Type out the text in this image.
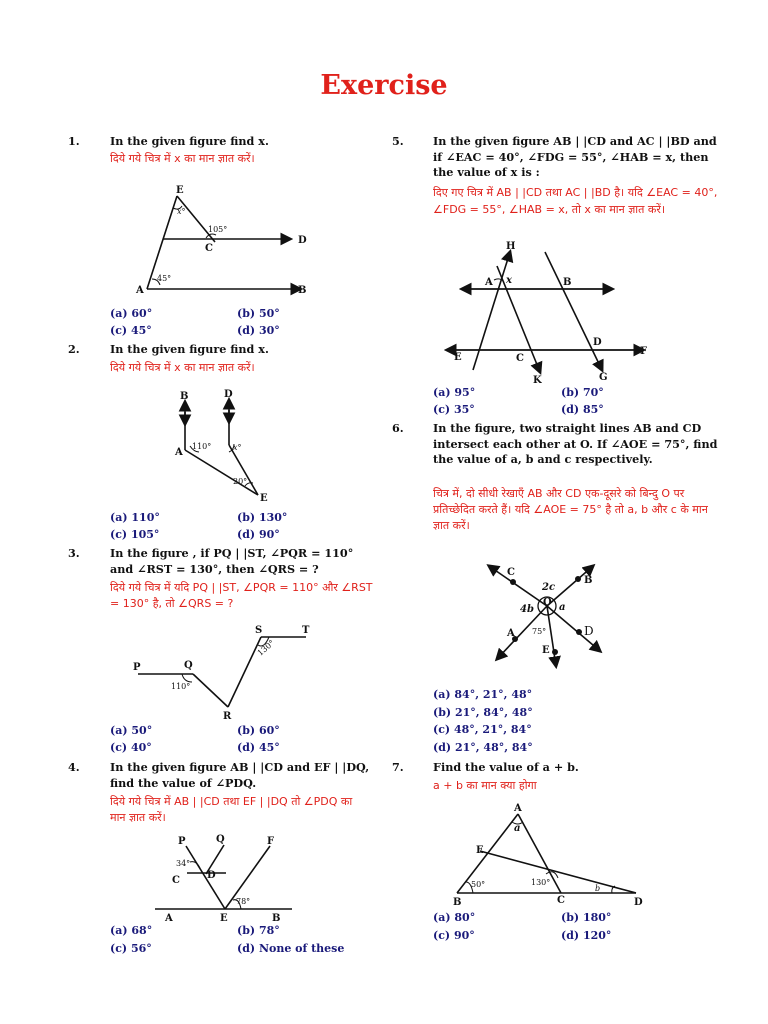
Exercise
1.	In the given figure find x.
दिये गये चित्र में x का मान ज्ञात करें।
E
x°
105°
C
D
A
45°
B
(a) 60°	(b) 50°
(c) 45°	(d) 30°
2.	In the given figure find x.
दिये गये चित्र में x का मान ज्ञात करें।
B	D
A
110°	x°
20°
E
(a) 110°	(b) 130°
(c) 105°	(d) 90°
3.	In the figure , if PQ | |ST, ∠PQR = 110° and ∠RST = 130°, then ∠QRS = ?
दिये गये चित्र में यदि PQ | |ST, ∠PQR = 110° और ∠RST = 130° है, तो ∠QRS = ?
S	T
130°
P	Q
110°
R
(a) 50°	(b) 60°
(c) 40°	(d) 45°
4.	In the given figure AB | |CD and EF | |DQ, find the value of ∠PDQ.
दिये गये चित्र में AB | |CD तथा EF | |DQ तो ∠PDQ का मान ज्ञात करें।
P	Q	F
34°
C	D
78°
A	E	B
(a) 68°	(b) 78°
(c) 56°	(d) None of these
5.	In the given figure AB | |CD and AC | |BD and if ∠EAC = 40°, ∠FDG = 55°, ∠HAB = x, then the value of x is :
दिए गए चित्र में AB | |CD तथा AC | |BD है। यदि ∠EAC = 40°, ∠FDG = 55°, ∠HAB = x, तो x का मान ज्ञात करें।
H
A x	B
D
E	C
F
K	G
(a) 95°	(b) 70°
(c) 35°	(d) 85°
6.	In the figure, two straight lines AB and CD intersect each other at O. If ∠AOE = 75°, find the value of a, b and c respectively.
चित्र में, दो सीधी रेखाएँ AB और CD एक-दूसरे को बिन्दु O पर प्रतिच्छेदित करते हैं। यदि ∠AOE = 75° है तो a, b और c के मान ज्ञात करें।
C
2c
B
4b
O a
A 75°	D
E
(a) 84°, 21°, 48°
(b) 21°, 84°, 48°
(c) 48°, 21°, 84°
(d) 21°, 48°, 84°
7.	Find the value of a + b.
a + b का मान क्या होगा
A
a
E
50°	130°
b
B	C	D
(a) 80°	(b) 180°
(c) 90°	(d) 120°
